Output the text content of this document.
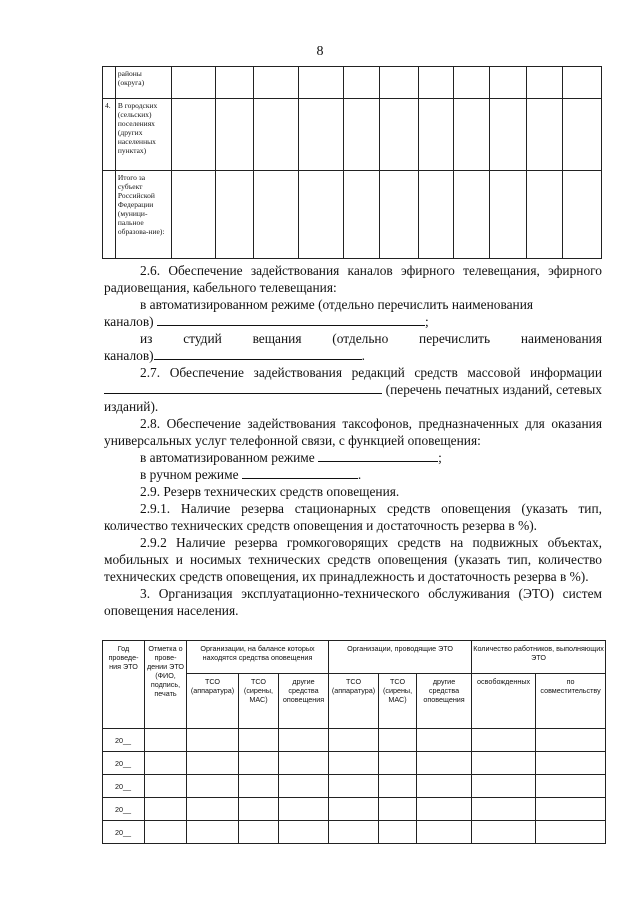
8
	районы (округа)											
4.	В городских (сельских) поселениях (других населенных пунктах)											
	Итого за субъект Российской Федерации (муници-пальное образова-ние):											

2.6. Обеспечение задействования каналов эфирного телевещания, эфирного радиовещания, кабельного телевещания:

в автоматизированном режиме (отдельно перечислить наименования

каналов)	;

из студий вещания (отдельно перечислить наименования

каналов)	.

2.7. Обеспечение задействования редакций средств массовой информации  (перечень печатных изданий, сетевых изданий).

2.8. Обеспечение задействования таксофонов, предназначенных для оказания универсальных услуг телефонной связи, с функцией оповещения:

в автоматизированном режиме	;

в ручном режиме	.

2.9. Резерв технических средств оповещения.

2.9.1. Наличие резерва стационарных средств оповещения (указать тип, количество технических средств оповещения и достаточность резерва в %).

2.9.2 Наличие резерва громкоговорящих средств на подвижных объектах, мобильных и носимых технических средств оповещения (указать тип, количество технических средств оповещения, их принадлежность и достаточность резерва в %).

3. Организация эксплуатационно-технического обслуживания (ЭТО) систем оповещения населения.

Год проведе-ния ЭТО	Отметка о прове-дении ЭТО (ФИО, подпись, печать	Организации, на балансе которых находятся средства оповещения			Организации, проводящие ЭТО			Количество работников, выполняющих ЭТО	
		ТСО (аппаратура)	ТСО (сирены, МАС)	другие средства оповещения	ТСО (аппаратура)	ТСО (сирены, МАС)	другие средства оповещения	освобожденных	по совместительству
20__									
20__									
20__									
20__									
20__									
